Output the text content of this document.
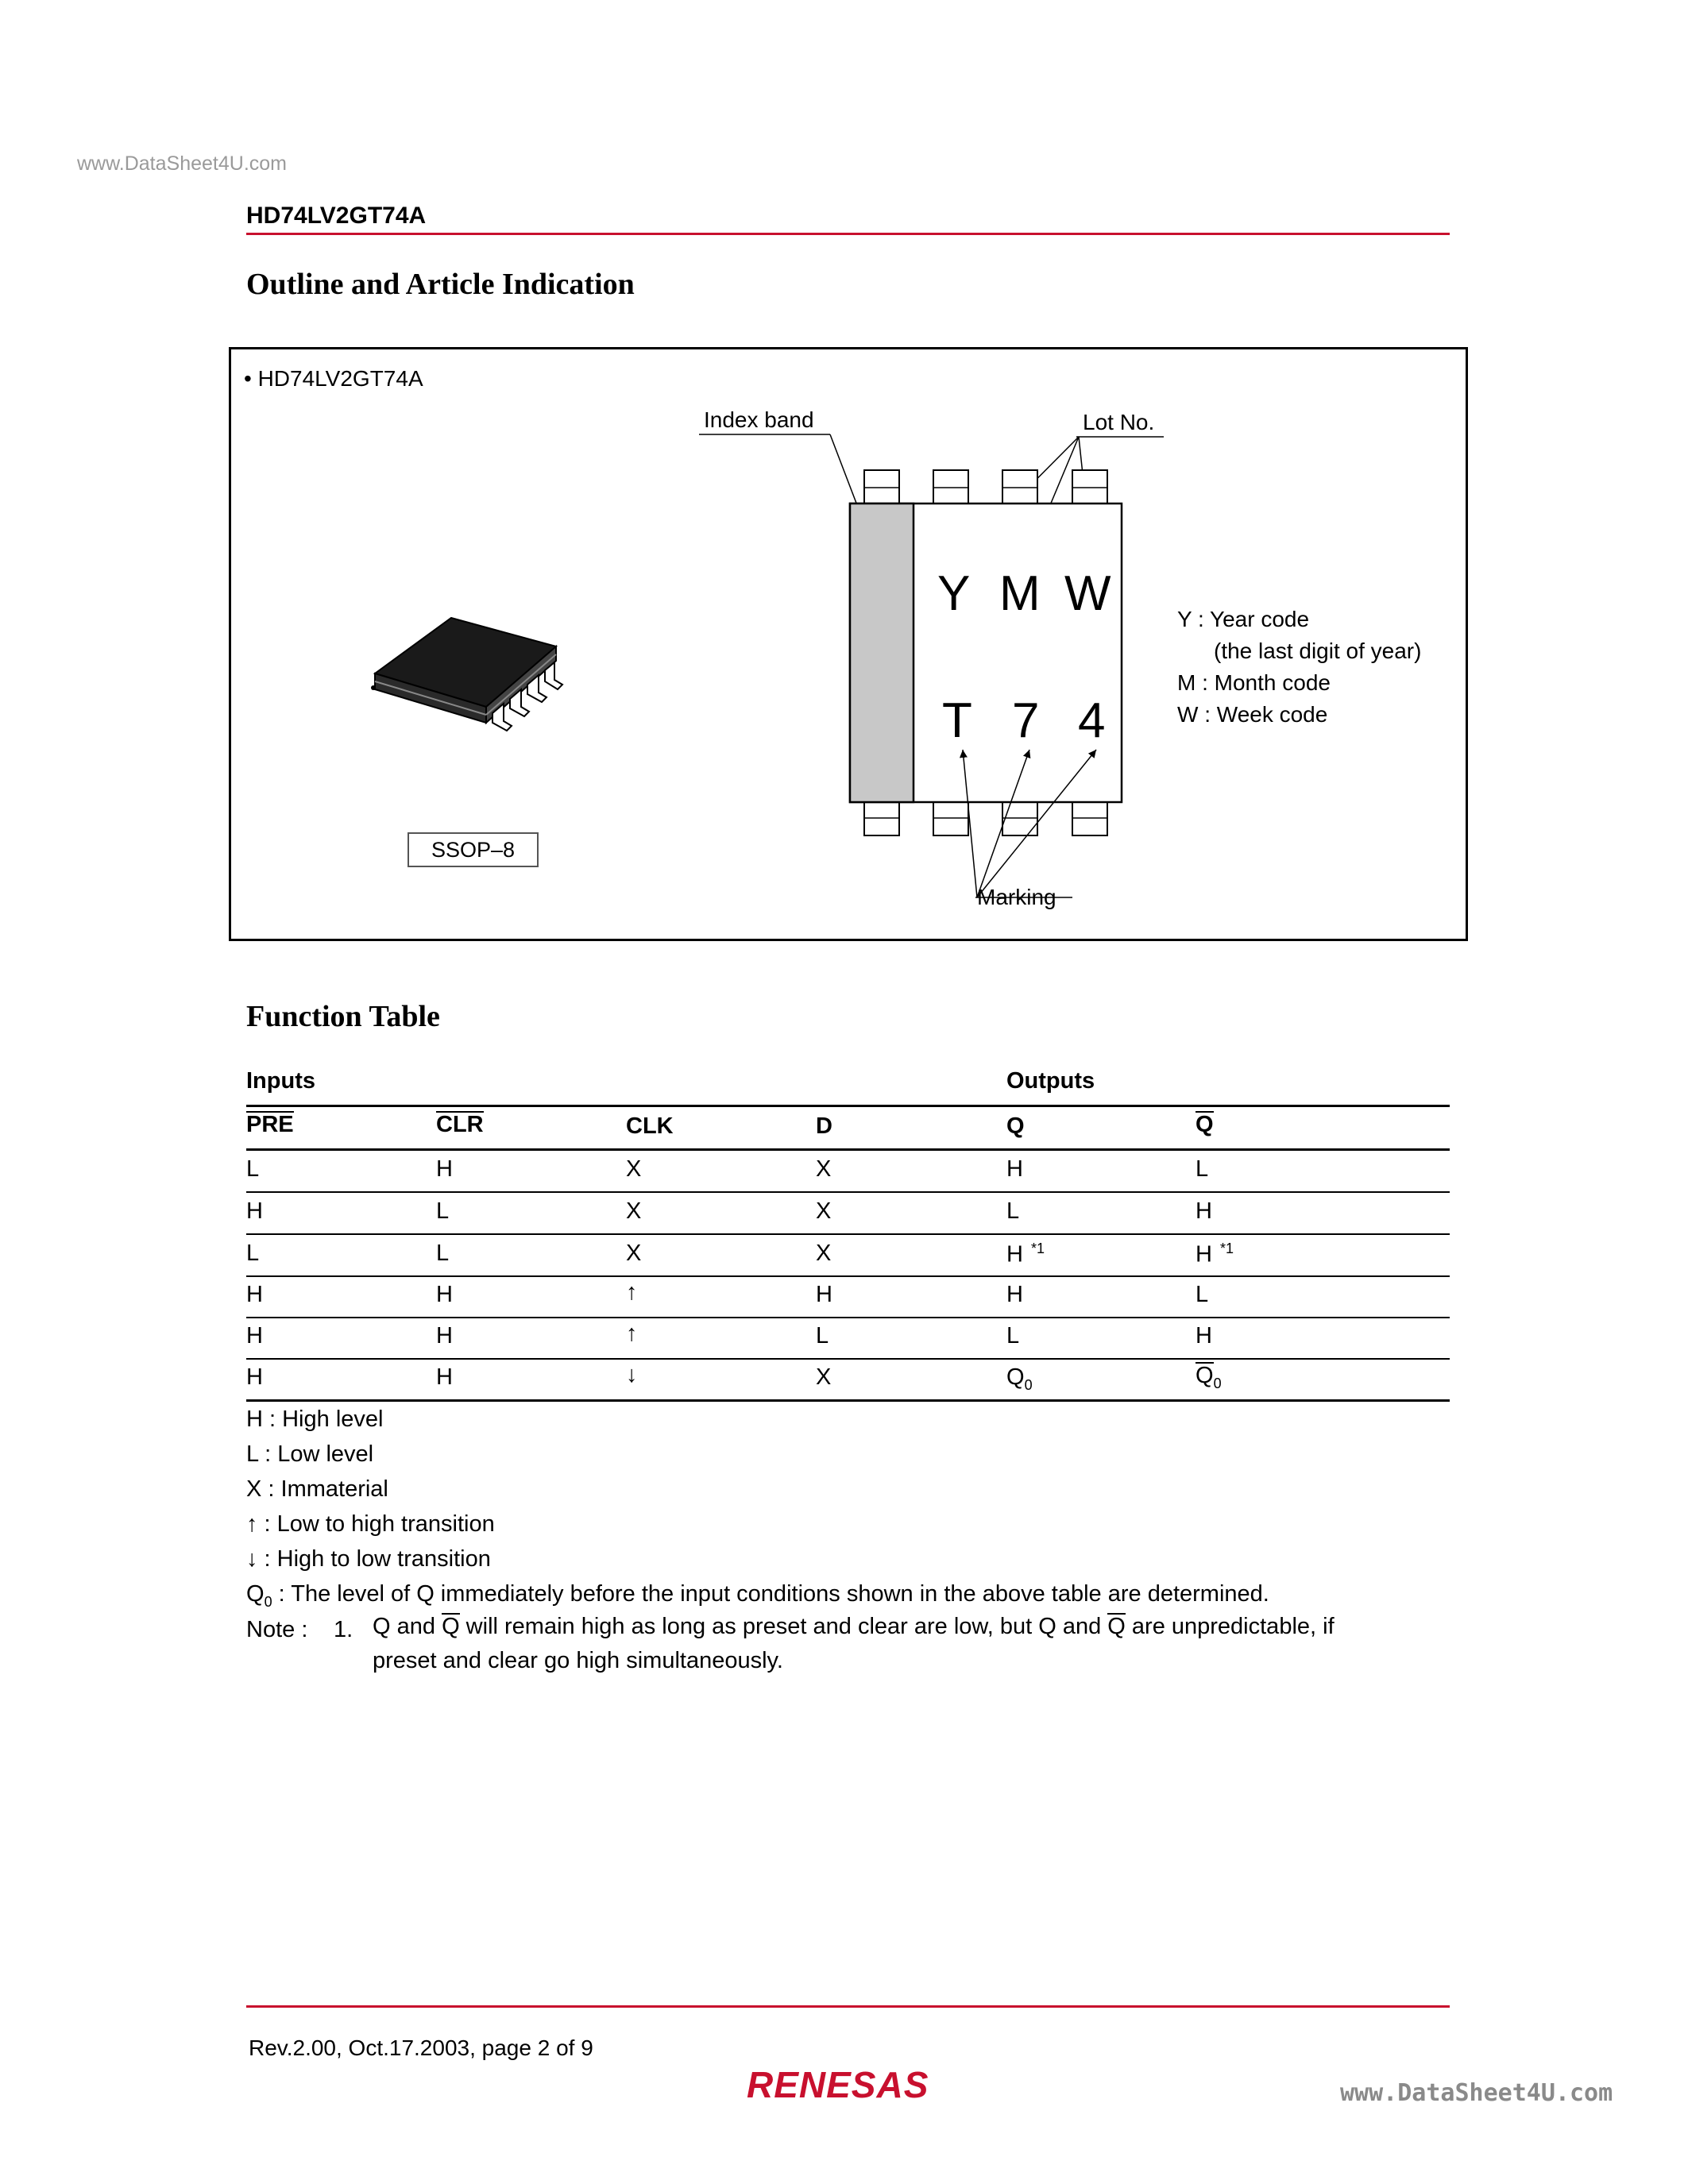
www.DataSheet4U.com
HD74LV2GT74A
Outline and Article Indication
• HD74LV2GT74A
SSOP–8
Index band	Lot No.
Marking
Y M W
T 7 4
Y : Year code
(the last digit of year)
M : Month code
W : Week code
Function Table
Inputs	Outputs
PRE	CLR	CLK	D	Q	Q
L	H	X	X	H	L
H	L	X	X	L	H
L	L	X	X	H $^{*1}$	H $^{*1}$
H	H	↑	H	H	L
H	H	↑	L	L	H
H	H	↓	X	$Q_0$	$Q_0$
H : High level
L : Low level
X : Immaterial
↑ : Low to high transition
↓ : High to low transition
$Q_0$ : The level of Q immediately before the input conditions shown in the above table are determined.
Note : 1. Q and Q will remain high as long as preset and clear are low, but Q and Q are unpredictable, if
preset and clear go high simultaneously.
Rev.2.00, Oct.17.2003, page 2 of 9
RENESAS	www.DataSheet4U.com
